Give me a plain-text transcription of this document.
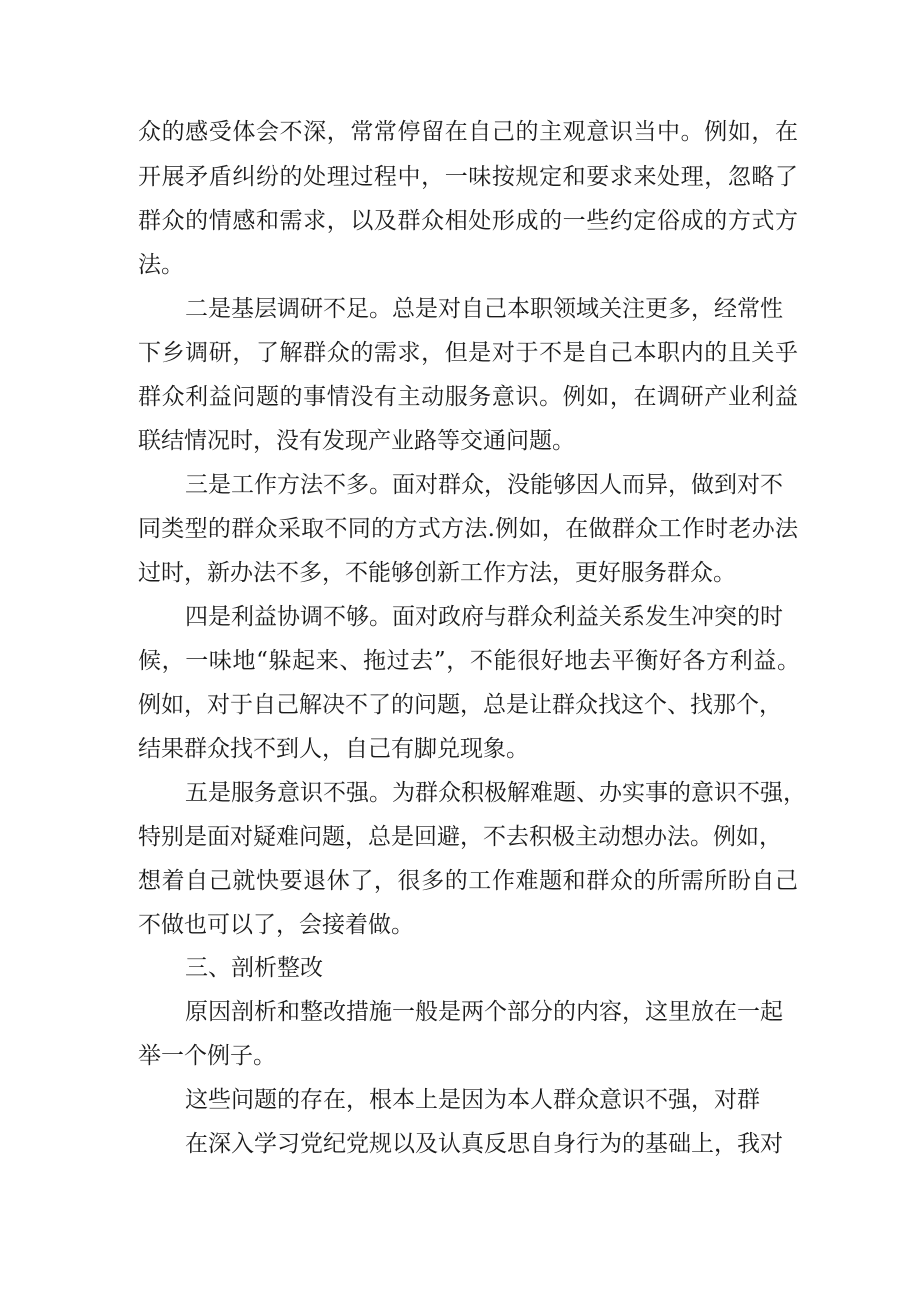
众的感受体会不深，常常停留在自己的主观意识当中。例如，在
开展矛盾纠纷的处理过程中，一味按规定和要求来处理，忽略了
群众的情感和需求，以及群众相处形成的一些约定俗成的方式方
法。
二是基层调研不足。总是对自己本职领域关注更多，经常性
下乡调研，了解群众的需求，但是对于不是自己本职内的且关乎
群众利益问题的事情没有主动服务意识。例如，在调研产业利益
联结情况时，没有发现产业路等交通问题。
三是工作方法不多。面对群众，没能够因人而异，做到对不
同类型的群众采取不同的方式方法.例如，在做群众工作时老办法
过时，新办法不多，不能够创新工作方法，更好服务群众。
四是利益协调不够。面对政府与群众利益关系发生冲突的时
候，一味地“躲起来、拖过去”，不能很好地去平衡好各方利益。
例如，对于自己解决不了的问题，总是让群众找这个、找那个，
结果群众找不到人，自己有脚兑现象。
五是服务意识不强。为群众积极解难题、办实事的意识不强，
特别是面对疑难问题，总是回避，不去积极主动想办法。例如，
想着自己就快要退休了，很多的工作难题和群众的所需所盼自己
不做也可以了，会接着做。
三、剖析整改
原因剖析和整改措施一般是两个部分的内容，这里放在一起
举一个例子。
这些问题的存在，根本上是因为本人群众意识不强，对群
在深入学习党纪党规以及认真反思自身行为的基础上，我对
